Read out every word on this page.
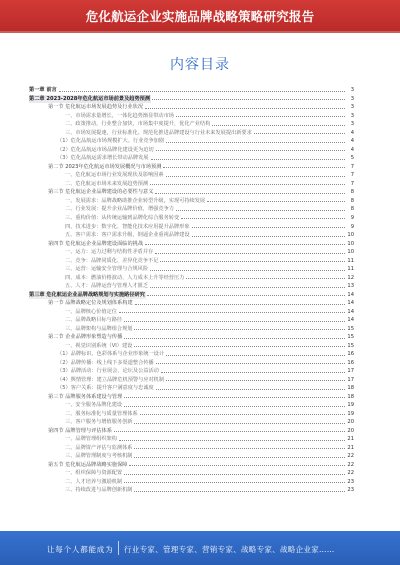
危化航运企业实施品牌战略策略研究报告
内容目录
第一章 前言	3
第二章 2023-2028年危化航运市场前景及趋势预测	3
第一节 危化航运市场发展趋势及行业状况	3
一、市场需求量增长，一体化趋势渐显带动市场	3
二、政策推动，行业整合加快，市场集中度提升，优化产业结构	3
三、市场发展提速，行业标准化、规范化推进品牌建设与行业未来发展提出新要求	4
（1）危化品航运市场规模扩大、行业竞争加剧	4
（2）危化品航运市场品牌化建设更为迫切	4
（3）危化品航运需求增长带动品牌发展	5
第二节 2023年危化航运市场发展概况与市场预测	7
一、危化航运市场行业发展现状及影响因素	7
二、危化航运市场未来发展趋势预测	7
第三节 危化航运企业品牌建设的必要性与意义	8
一、发展需求：品牌战略助推企业转型升级，实现可持续发展	8
二、行业发展：提升企业品牌价值，增强竞争力	8
三、重构价值：从传统运输到品牌化综合服务转变	9
四、技术进步：数字化、智能化技术应用提升品牌形象	9
五、客户需求：客户需求升级，倒逼企业重视品牌建设	10
第四节 危化航运企业品牌建设面临的挑战	10
一、运力：运力过剩与结构性矛盾并存	10
二、竞争：品牌同质化、差异化竞争不足	11
三、运营：运输安全管理与合规风险	11
四、成本：燃油价格波动、人力成本上升等经营压力	12
五、人才：品牌运营与管理人才匮乏	13
第三章 危化航运企业品牌战略规划与实施路径研究	14
第一节 品牌战略定位及规划体系构建	14
一、品牌核心价值定位	14
二、品牌战略目标与路径	14
三、品牌架构与品牌组合规划	15
第二节 企业品牌形象塑造与传播	15
一、视觉识别系统（VI）建设	15
（1）品牌标识、色彩体系与企业形象统一设计	16
（2）品牌传播：线上线下多渠道整合传播	16
（3）品牌活动：行业展会、论坛及公益活动	17
（4）舆情管理：建立品牌危机预警与应对机制	17
（5）客户关系：提升客户满意度与忠诚度	18
第三节 品牌服务体系建设与管理	18
一、安全服务品牌化建设	19
二、服务标准化与质量管理体系	19
三、客户服务与增值服务创新	20
第四节 品牌管理与评估体系	20
一、品牌管理组织架构	21
二、品牌资产评估与监测体系	21
三、品牌管理制度与考核机制	22
第五节 危化航运品牌战略实施保障	22
一、组织保障与资源配置	22
二、人才培养与激励机制	23
三、持续改进与品牌创新机制	23
让每个人都能成为 行业专家、管理专家、营销专家、战略专家、战略企业家……
